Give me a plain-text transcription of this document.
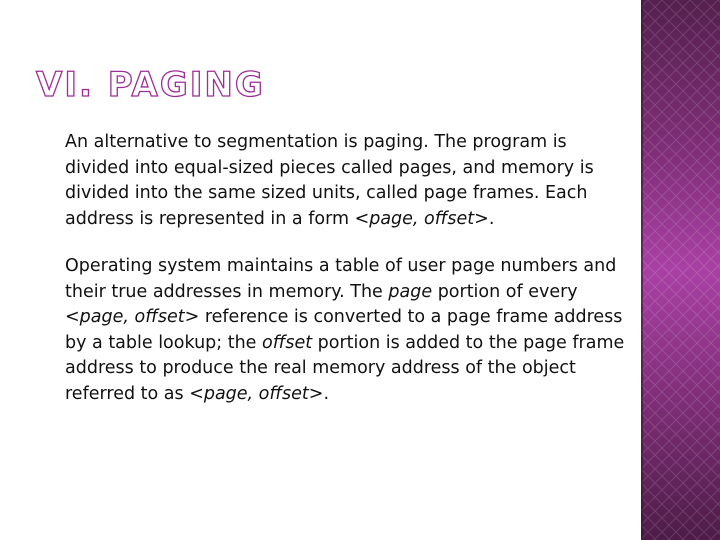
VI. PAGING

An alternative to segmentation is paging. The program is divided into equal-sized pieces called pages, and memory is divided into the same sized units, called page frames. Each address is represented in a form <page, offset>.

Operating system maintains a table of user page numbers and their true addresses in memory. The page portion of every <page, offset> reference is converted to a page frame address by a table lookup; the offset portion is added to the page frame address to produce the real memory address of the object referred to as <page, offset>.
